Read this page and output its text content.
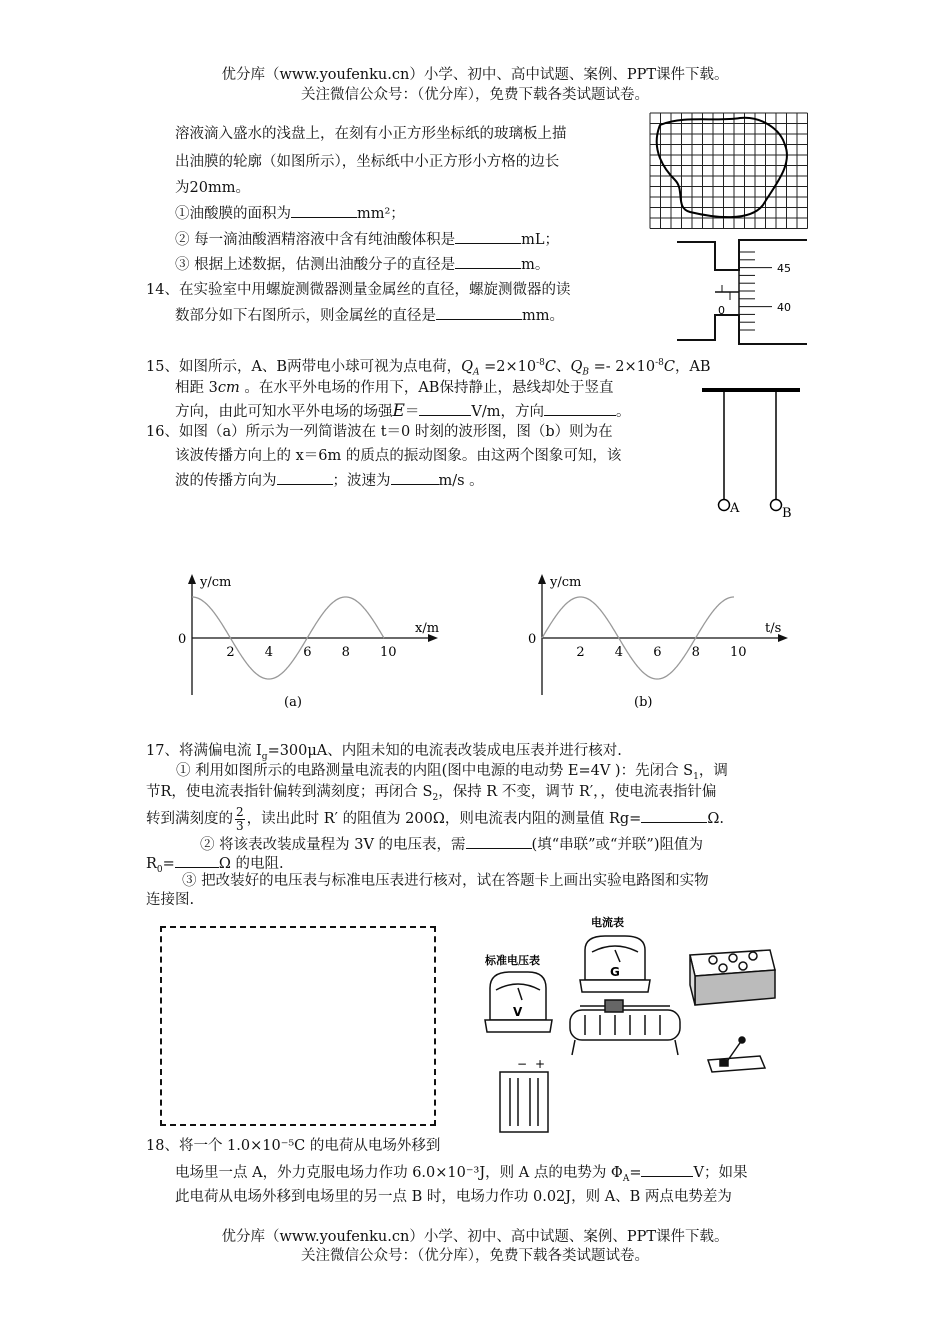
优分库（www.youfenku.cn）小学、初中、高中试题、案例、PPT课件下载。
关注微信公众号：（优分库），免费下载各类试题试卷。
溶液滴入盛水的浅盘上，在刻有小正方形坐标纸的玻璃板上描
出油膜的轮廓（如图所示），坐标纸中小正方形小方格的边长
为20mm。
①油酸膜的面积为	mm²；
② 每一滴油酸酒精溶液中含有纯油酸体积是	mL；
③ 根据上述数据，估测出油酸分子的直径是	m。
0
45
40
14、在实验室中用螺旋测微器测量金属丝的直径，螺旋测微器的读
数部分如下右图所示，则金属丝的直径是	mm。
15、如图所示，A、B两带电小球可视为点电荷，$Q_A =2\times 10^{-8}C$、$Q_B =- 2\times 10^{-8}C$，AB
相距 3cm 。在水平外电场的作用下，AB保持静止，悬线却处于竖直
方向，由此可知水平外电场的场强E＝	V/m，方向	。
A	B
16、如图（a）所示为一列简谐波在 t＝0 时刻的波形图，图（b）则为在
该波传播方向上的 x＝6m 的质点的振动图象。由这两个图象可知，该
波的传播方向为	；波速为	m/s 。
2 4 6 8 10
0
y/cm
x/m
(a)
2 4 6 8 10
0
y/cm
t/s
(b)
17、将满偏电流 $I_g=300\mu A$、内阻未知的电流表改装成电压表并进行核对.
① 利用如图所示的电路测量电流表的内阻(图中电源的电动势 E=4V )：先闭合 $S_1$，调
节R，使电流表指针偏转到满刻度；再闭合 $S_2$，保持 R 不变，调节 R′，，使电流表指针偏
转到满刻度的 $\frac{2}{3}$ ，读出此时 R′ 的阻值为 200Ω，则电流表内阻的测量值 Rg=	Ω.
② 将该表改装成量程为 3V 的电压表，需	(填“串联”或“并联”)阻值为
$R_0=$	Ω 的电阻.
③ 把改装好的电压表与标准电压表进行核对，试在答题卡上画出实验电路图和实物
连接图.
电流表
G
标准电压表
V
− +
18、将一个 1.0×10⁻⁵C 的电荷从电场外移到
电场里一点 A，外力克服电场力作功 6.0×10⁻³J，则 A 点的电势为 $\Phi_A=$	V；如果
此电荷从电场外移到电场里的另一点 B 时，电场力作功 0.02J，则 A、B 两点电势差为
优分库（www.youfenku.cn）小学、初中、高中试题、案例、PPT课件下载。
关注微信公众号：（优分库），免费下载各类试题试卷。
